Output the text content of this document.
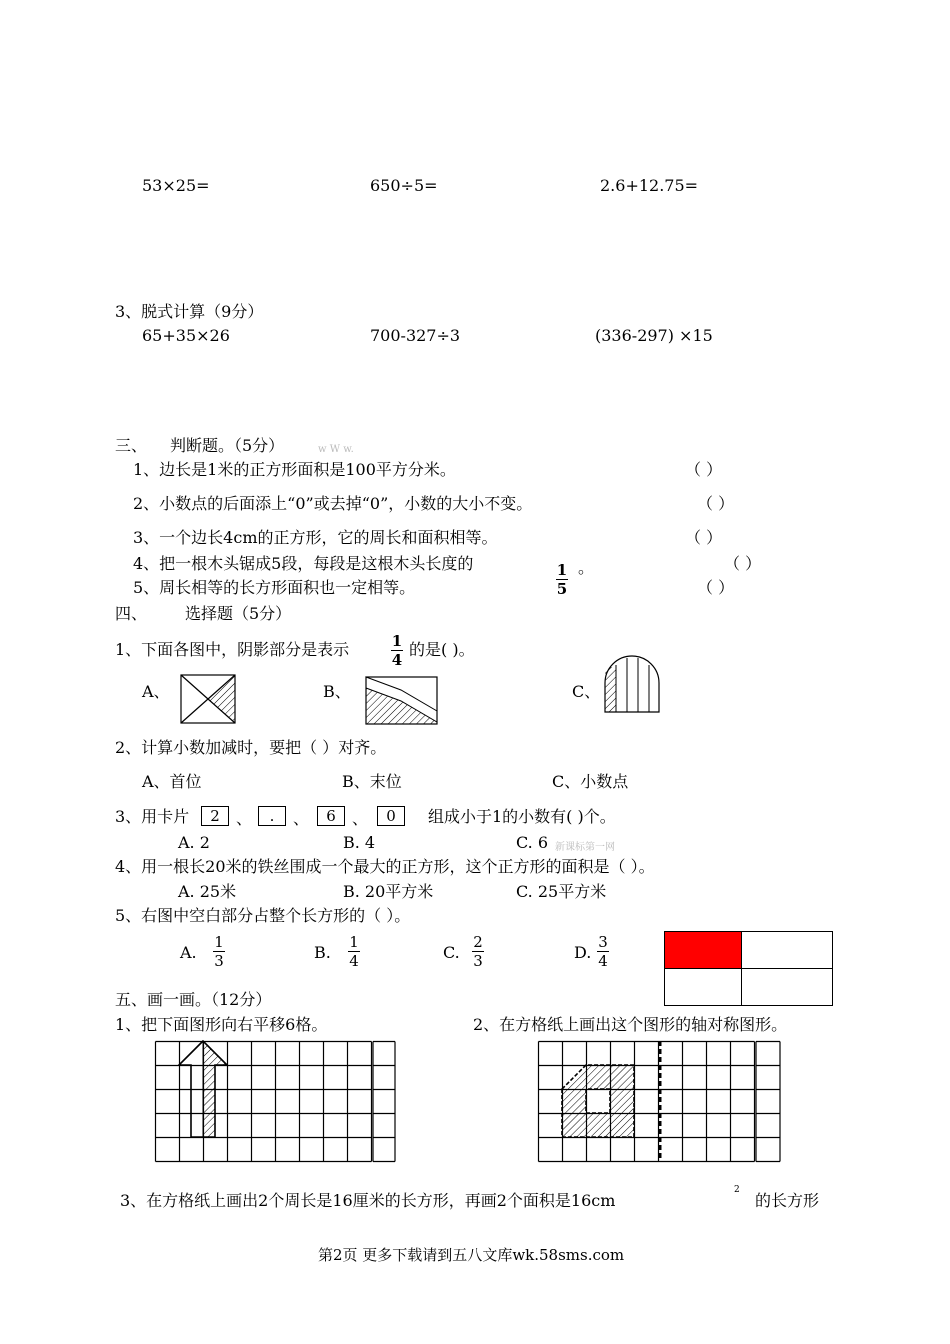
53×25=	650÷5=	2.6+12.75=
3、脱式计算（9分）
65+35×26	700-327÷3	(336-297) ×15
三、 判断题。（5分）	w W w.
1、边长是1米的正方形面积是100平方分米。	（ ）
2、小数点的后面添上“0”或去掉“0”，小数的大小不变。	（ ）
3、一个边长4cm的正方形，它的周长和面积相等。	（ ）
4、把一根木头锯成5段，每段是这根木头长度的	1
5
。	（ ）
5、周长相等的长方形面积也一定相等。	（ ）
四、 选择题（5分）
1、下面各图中，阴影部分是表示	1
4
的是( )。
A、	B、	C、
2、计算小数加减时，要把（ ）对齐。
A、首位	B、末位	C、小数点
3、用卡片	2	、	.	、	6	、	0	组成小于1的小数有( )个。
A. 2	B. 4	C. 6 新课标第一网
4、用一根长20米的铁丝围成一个最大的正方形，这个正方形的面积是（ ）。
A. 25米	B. 20平方米	C. 25平方米
5、右图中空白部分占整个长方形的（ ）。
A.
1
3	B.
1
4	C.
2
3	D.
3
4
五、画一画。（12分）
1、把下面图形向右平移6格。	2、在方格纸上画出这个图形的轴对称图形。
3、在方格纸上画出2个周长是16厘米的长方形，再画2个面积是16cm
2
的长方形
第2页 更多下载请到五八文库wk.58sms.com
